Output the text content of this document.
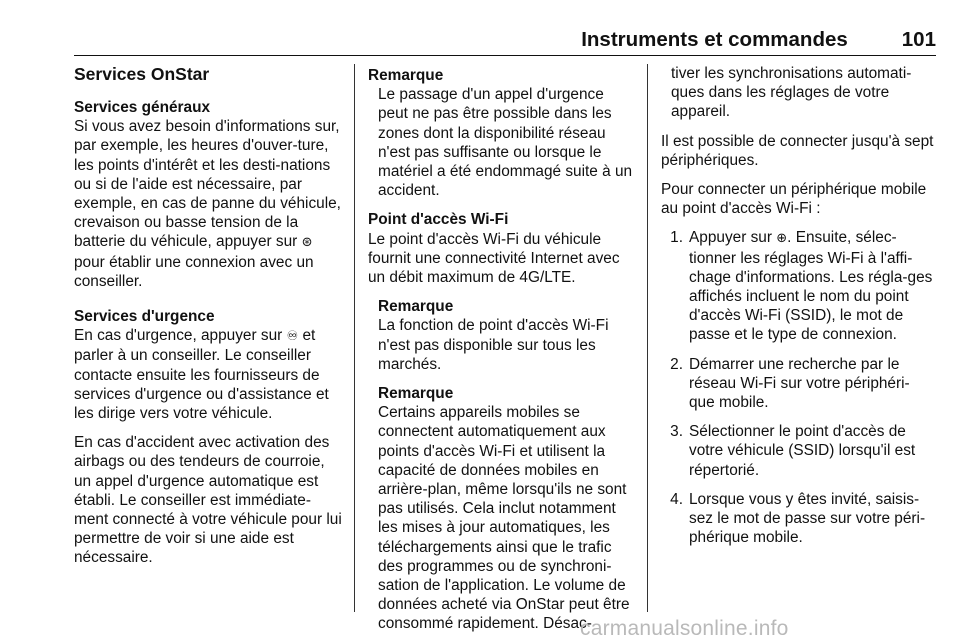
Instruments et commandes	101
Services OnStar
Services généraux

Si vous avez besoin d'informations sur, par exemple, les heures d'ouver-ture, les points d'intérêt et les desti-nations ou si de l'aide est nécessaire, par exemple, en cas de panne du véhicule, crevaison ou basse tension de la batterie du véhicule, appuyer sur ⊛ pour établir une connexion avec un conseiller.

Services d'urgence

En cas d'urgence, appuyer sur ♾ et parler à un conseiller. Le conseiller contacte ensuite les fournisseurs de services d'urgence ou d'assistance et les dirige vers votre véhicule.

En cas d'accident avec activation des airbags ou des tendeurs de courroie, un appel d'urgence automatique est établi. Le conseiller est immédiate-ment connecté à votre véhicule pour lui permettre de voir si une aide est nécessaire.

Remarque
Le passage d'un appel d'urgence peut ne pas être possible dans les zones dont la disponibilité réseau n'est pas suffisante ou lorsque le matériel a été endommagé suite à un accident.
Point d'accès Wi-Fi

Le point d'accès Wi-Fi du véhicule fournit une connectivité Internet avec un débit maximum de 4G/LTE.

Remarque
La fonction de point d'accès Wi-Fi n'est pas disponible sur tous les marchés.
Remarque
Certains appareils mobiles se connectent automatiquement aux points d'accès Wi-Fi et utilisent la capacité de données mobiles en arrière-plan, même lorsqu'ils ne sont pas utilisés. Cela inclut notamment les mises à jour automatiques, les téléchargements ainsi que le trafic des programmes ou de synchroni-sation de l'application. Le volume de données acheté via OnStar peut être consommé rapidement. Désac-

tiver les synchronisations automati-ques dans les réglages de votre appareil.

Il est possible de connecter jusqu'à sept périphériques.

Pour connecter un périphérique mobile au point d'accès Wi-Fi :

1. Appuyer sur ⊕. Ensuite, sélec-tionner les réglages Wi-Fi à l'affi-chage d'informations. Les régla-ges affichés incluent le nom du point d'accès Wi-Fi (SSID), le mot de passe et le type de connexion.
2. Démarrer une recherche par le réseau Wi-Fi sur votre périphéri-que mobile.
3. Sélectionner le point d'accès de votre véhicule (SSID) lorsqu'il est répertorié.
4. Lorsque vous y êtes invité, saisis-sez le mot de passe sur votre péri-phérique mobile.
carmanualsonline.info
